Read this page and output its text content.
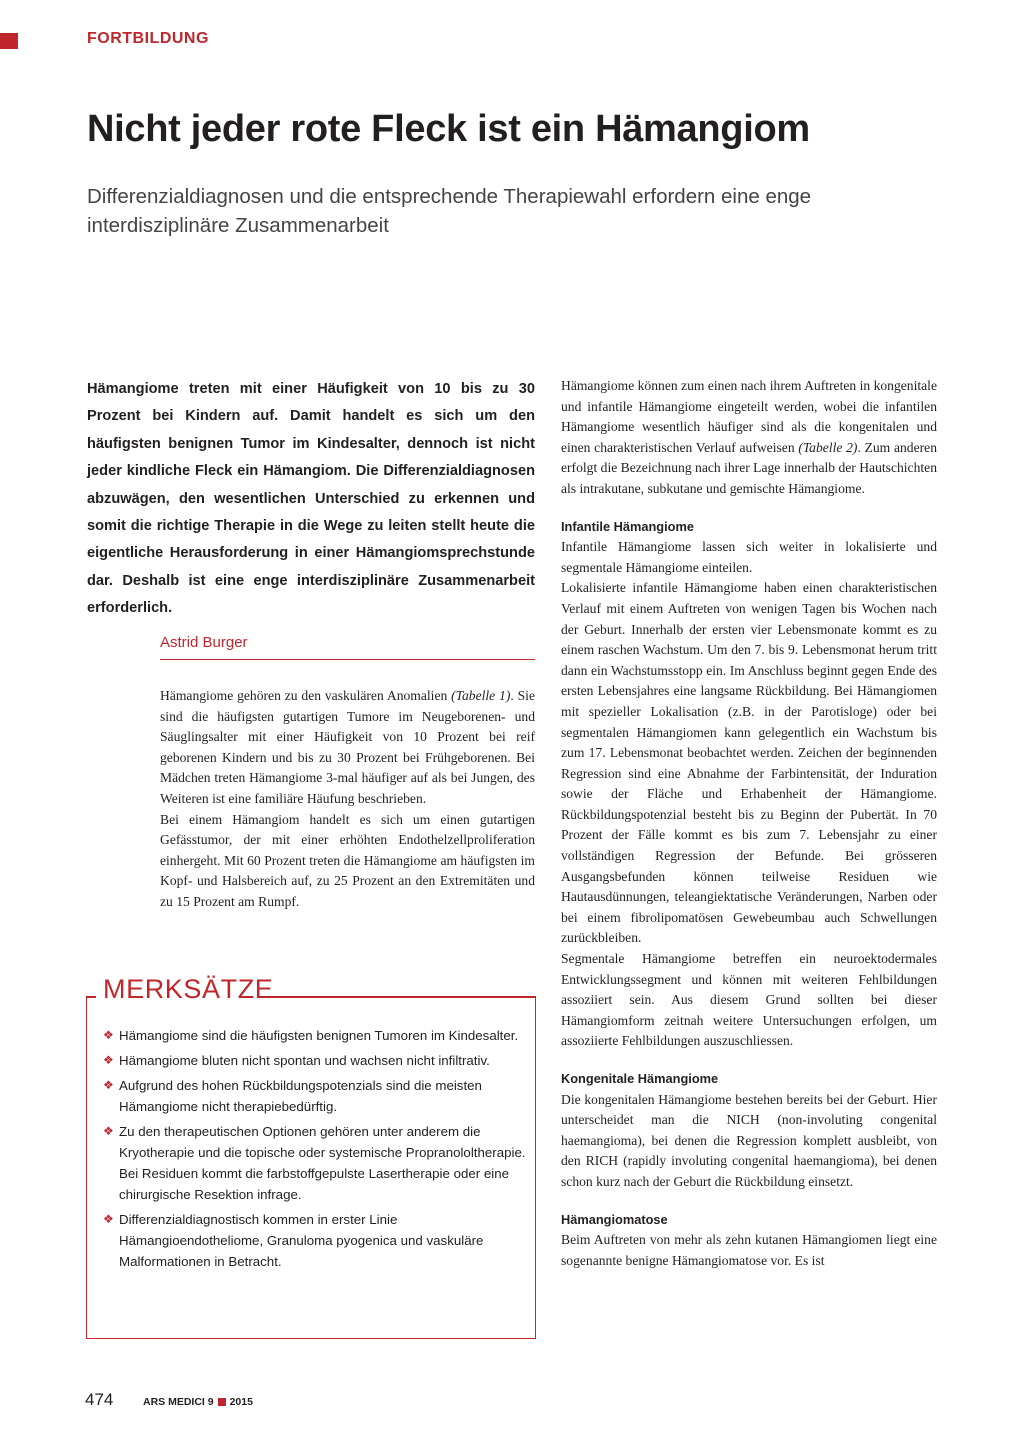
FORTBILDUNG
Nicht jeder rote Fleck ist ein Hämangiom
Differenzialdiagnosen und die entsprechende Therapiewahl erfordern eine enge interdisziplinäre Zusammenarbeit
Hämangiome treten mit einer Häufigkeit von 10 bis zu 30 Prozent bei Kindern auf. Damit handelt es sich um den häufigsten benignen Tumor im Kindesalter, dennoch ist nicht jeder kindliche Fleck ein Hämangiom. Die Differenzialdiagnosen abzuwägen, den wesentlichen Unterschied zu erkennen und somit die richtige Therapie in die Wege zu leiten stellt heute die eigentliche Herausforderung in einer Hämangiomsprechstunde dar. Deshalb ist eine enge interdisziplinäre Zusammenarbeit erforderlich.
Astrid Burger

Hämangiome gehören zu den vaskulären Anomalien (Tabelle 1). Sie sind die häufigsten gutartigen Tumore im Neugeborenen- und Säuglingsalter mit einer Häufigkeit von 10 Prozent bei reif geborenen Kindern und bis zu 30 Prozent bei Frühgeborenen. Bei Mädchen treten Hämangiome 3-mal häufiger auf als bei Jungen, des Weiteren ist eine familiäre Häufung beschrieben.

Bei einem Hämangiom handelt es sich um einen gutartigen Gefässtumor, der mit einer erhöhten Endothelzellproliferation einhergeht. Mit 60 Prozent treten die Hämangiome am häufigsten im Kopf- und Halsbereich auf, zu 25 Prozent an den Extremitäten und zu 15 Prozent am Rumpf.

MERKSÄTZE
❖ Hämangiome sind die häufigsten benignen Tumoren im Kindesalter.
❖ Hämangiome bluten nicht spontan und wachsen nicht infiltrativ.
❖ Aufgrund des hohen Rückbildungspotenzials sind die meisten Hämangiome nicht therapiebedürftig.
❖ Zu den therapeutischen Optionen gehören unter anderem die Kryotherapie und die topische oder systemische Propranololtherapie. Bei Residuen kommt die farbstoffgepulste Lasertherapie oder eine chirurgische Resektion infrage.
❖ Differenzialdiagnostisch kommen in erster Linie Hämangioendotheliome, Granuloma pyogenica und vaskuläre Malformationen in Betracht.

Hämangiome können zum einen nach ihrem Auftreten in kongenitale und infantile Hämangiome eingeteilt werden, wobei die infantilen Hämangiome wesentlich häufiger sind als die kongenitalen und einen charakteristischen Verlauf aufweisen (Tabelle 2). Zum anderen erfolgt die Bezeichnung nach ihrer Lage innerhalb der Hautschichten als intrakutane, subkutane und gemischte Hämangiome.

Infantile Hämangiome

Infantile Hämangiome lassen sich weiter in lokalisierte und segmentale Hämangiome einteilen.

Lokalisierte infantile Hämangiome haben einen charakteristischen Verlauf mit einem Auftreten von wenigen Tagen bis Wochen nach der Geburt. Innerhalb der ersten vier Lebensmonate kommt es zu einem raschen Wachstum. Um den 7. bis 9. Lebensmonat herum tritt dann ein Wachstumsstopp ein. Im Anschluss beginnt gegen Ende des ersten Lebensjahres eine langsame Rückbildung. Bei Hämangiomen mit spezieller Lokalisation (z.B. in der Parotisloge) oder bei segmentalen Hämangiomen kann gelegentlich ein Wachstum bis zum 17. Lebensmonat beobachtet werden. Zeichen der beginnenden Regression sind eine Abnahme der Farbintensität, der Induration sowie der Fläche und Erhabenheit der Hämangiome. Rückbildungspotenzial besteht bis zu Beginn der Pubertät. In 70 Prozent der Fälle kommt es bis zum 7. Lebensjahr zu einer vollständigen Regression der Befunde. Bei grösseren Ausgangsbefunden können teilweise Residuen wie Hautausdünnungen, teleangiektatische Veränderungen, Narben oder bei einem fibrolipomatösen Gewebeumbau auch Schwellungen zurückbleiben.

Segmentale Hämangiome betreffen ein neuroektodermales Entwicklungssegment und können mit weiteren Fehlbildungen assoziiert sein. Aus diesem Grund sollten bei dieser Hämangiomform zeitnah weitere Untersuchungen erfolgen, um assoziierte Fehlbildungen auszuschliessen.

Kongenitale Hämangiome

Die kongenitalen Hämangiome bestehen bereits bei der Geburt. Hier unterscheidet man die NICH (non-involuting congenital haemangioma), bei denen die Regression komplett ausbleibt, von den RICH (rapidly involuting congenital haemangioma), bei denen schon kurz nach der Geburt die Rückbildung einsetzt.

Hämangiomatose

Beim Auftreten von mehr als zehn kutanen Hämangiomen liegt eine sogenannte benigne Hämangiomatose vor. Es ist

474	ARS MEDICI 9 2015
